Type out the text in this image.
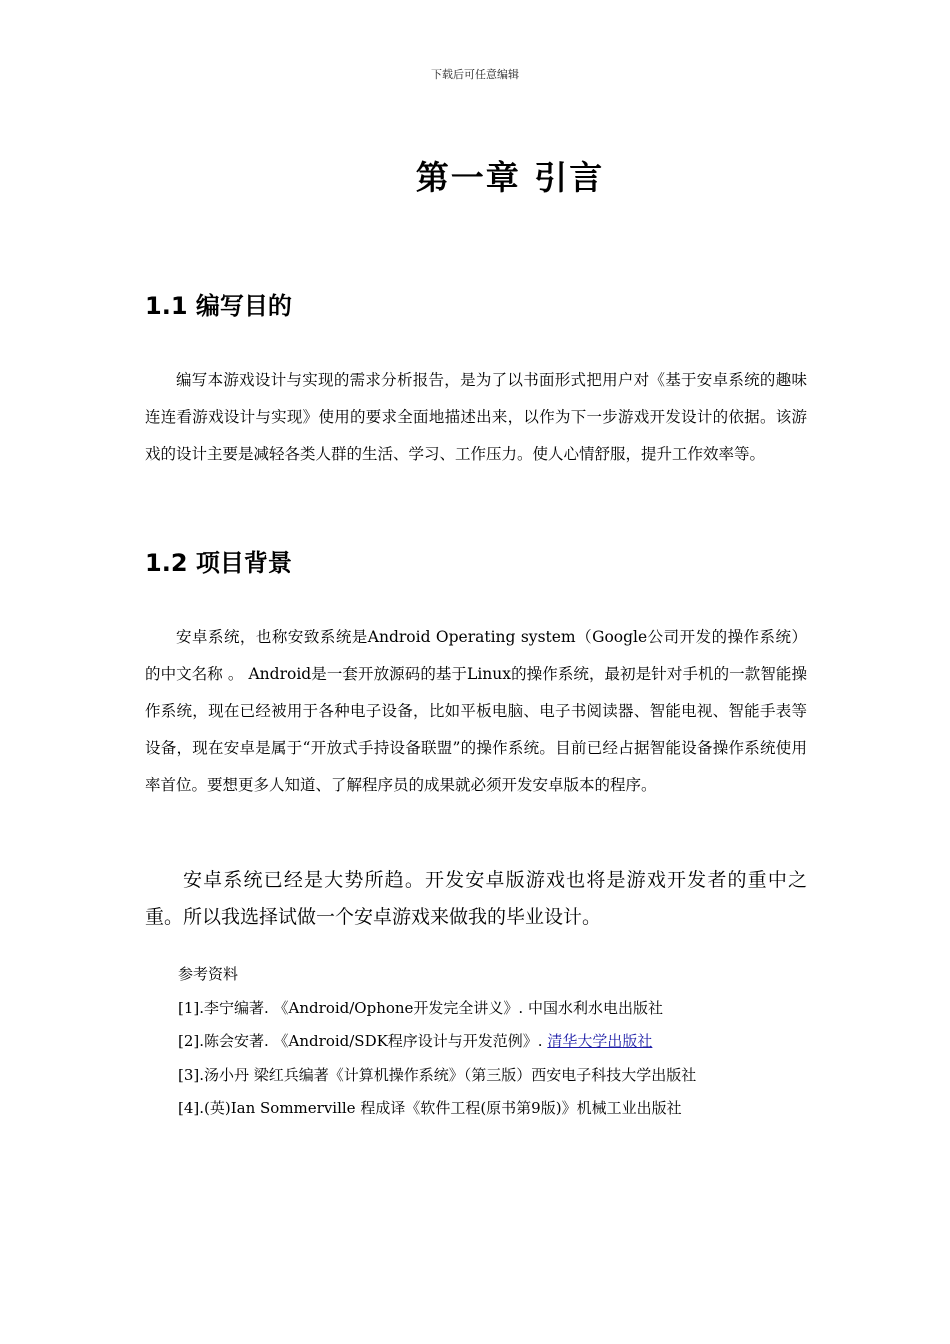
下载后可任意编辑
第一章 引言
1.1 编写目的

编写本游戏设计与实现的需求分析报告，是为了以书面形式把用户对《基于安卓系统的趣味连连看游戏设计与实现》使用的要求全面地描述出来，以作为下一步游戏开发设计的依据。该游戏的设计主要是减轻各类人群的生活、学习、工作压力。使人心情舒服，提升工作效率等。

1.2 项目背景

安卓系统，也称安致系统是Android Operating system（Google公司开发的操作系统）的中文名称 。 Android是一套开放源码的基于Linux的操作系统，最初是针对手机的一款智能操作系统，现在已经被用于各种电子设备，比如平板电脑、电子书阅读器、智能电视、智能手表等设备，现在安卓是属于“开放式手持设备联盟”的操作系统。目前已经占据智能设备操作系统使用率首位。要想更多人知道、了解程序员的成果就必须开发安卓版本的程序。

安卓系统已经是大势所趋。开发安卓版游戏也将是游戏开发者的重中之重。所以我选择试做一个安卓游戏来做我的毕业设计。

参考资料
[1].李宁编著. 《Android/Ophone开发完全讲义》. 中国水利水电出版社
[2].陈会安著. 《Android/SDK程序设计与开发范例》. 清华大学出版社
[3].汤小丹 梁红兵编著《计算机操作系统》（第三版）西安电子科技大学出版社
[4].(英)Ian Sommerville 程成译《软件工程(原书第9版)》机械工业出版社
